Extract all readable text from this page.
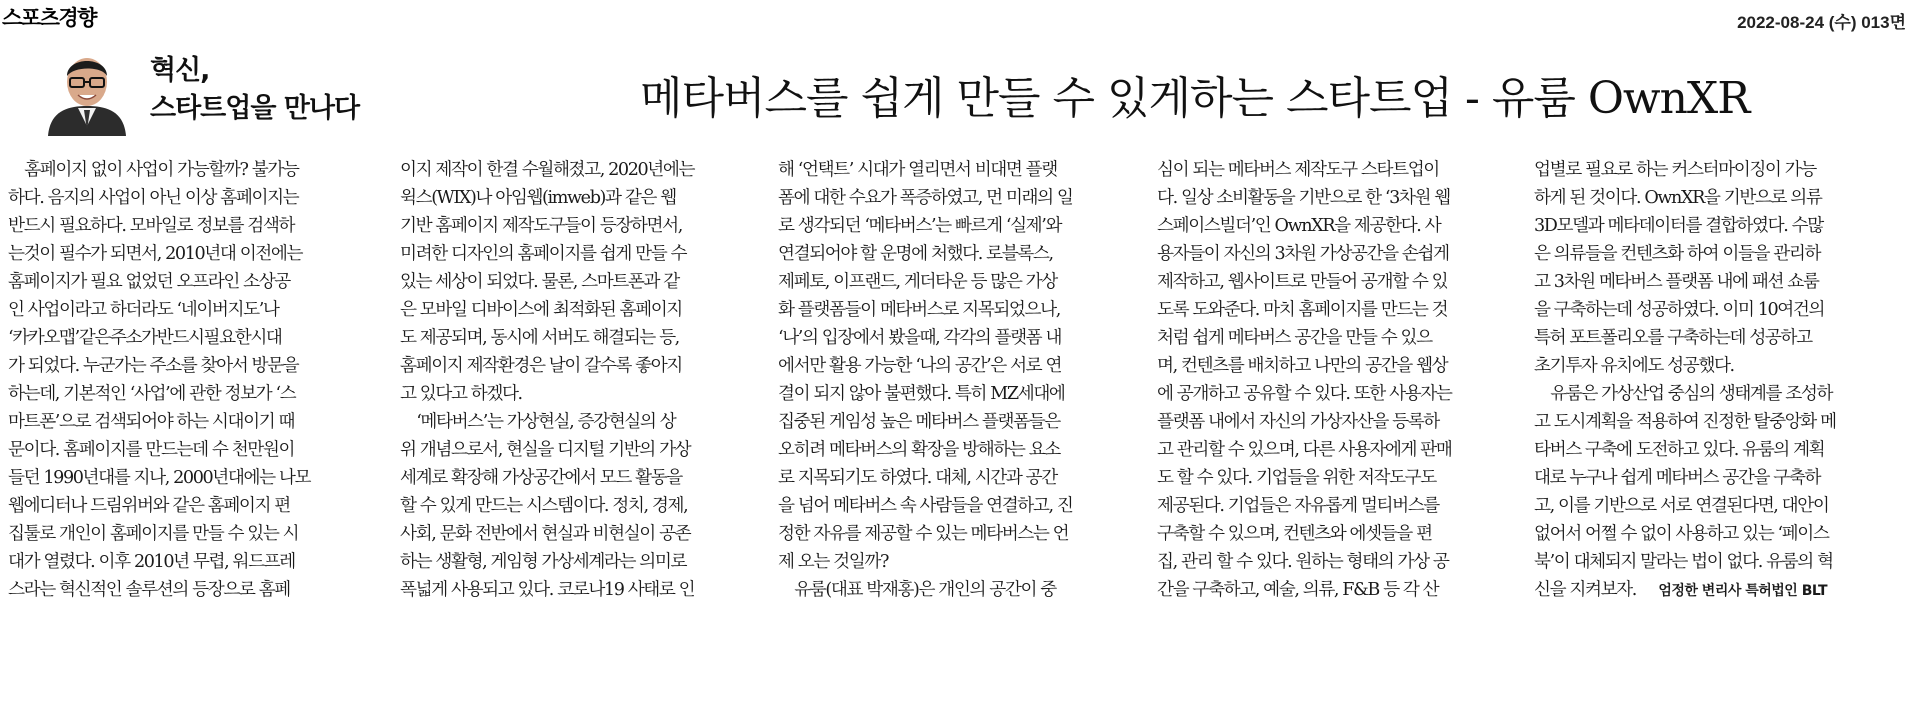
스포츠경향	2022-08-24 (수) 013면
혁신,
스타트업을 만나다	메타버스를 쉽게 만들 수 있게하는 스타트업 - 유룸 OwnXR
　홈페이지 없이 사업이 가능할까? 불가능
하다. 음지의 사업이 아닌 이상 홈페이지는
반드시 필요하다. 모바일로 정보를 검색하
는것이 필수가 되면서, 2010년대 이전에는
홈페이지가 필요 없었던 오프라인 소상공
인 사업이라고 하더라도 ‘네이버지도’나
‘카카오맵’같은주소가반드시필요한시대
가 되었다. 누군가는 주소를 찾아서 방문을
하는데, 기본적인 ‘사업’에 관한 정보가 ‘스
마트폰’으로 검색되어야 하는 시대이기 때
문이다. 홈페이지를 만드는데 수 천만원이
들던 1990년대를 지나, 2000년대에는 나모
웹에디터나 드림위버와 같은 홈페이지 편
집툴로 개인이 홈페이지를 만들 수 있는 시
대가 열렸다. 이후 2010년 무렵, 워드프레
스라는 혁신적인 솔루션의 등장으로 홈페
이지 제작이 한결 수월해졌고, 2020년에는
윅스(WIX)나 아임웹(imweb)과 같은 웹
기반 홈페이지 제작도구들이 등장하면서,
미려한 디자인의 홈페이지를 쉽게 만들 수
있는 세상이 되었다. 물론, 스마트폰과 같
은 모바일 디바이스에 최적화된 홈페이지
도 제공되며, 동시에 서버도 해결되는 등,
홈페이지 제작환경은 날이 갈수록 좋아지
고 있다고 하겠다.
　‘메타버스’는 가상현실, 증강현실의 상
위 개념으로서, 현실을 디지털 기반의 가상
세계로 확장해 가상공간에서 모드 활동을
할 수 있게 만드는 시스템이다. 정치, 경제,
사회, 문화 전반에서 현실과 비현실이 공존
하는 생활형, 게임형 가상세계라는 의미로
폭넓게 사용되고 있다. 코로나19 사태로 인
해 ‘언택트’ 시대가 열리면서 비대면 플랫
폼에 대한 수요가 폭증하였고, 먼 미래의 일
로 생각되던 ‘메타버스’는 빠르게 ‘실제’와
연결되어야 할 운명에 처했다. 로블록스,
제페토, 이프랜드, 게더타운 등 많은 가상
화 플랫폼들이 메타버스로 지목되었으나,
‘나’의 입장에서 봤을때, 각각의 플랫폼 내
에서만 활용 가능한 ‘나의 공간’은 서로 연
결이 되지 않아 불편했다. 특히 MZ세대에
집중된 게임성 높은 메타버스 플랫폼들은
오히려 메타버스의 확장을 방해하는 요소
로 지목되기도 하였다. 대체, 시간과 공간
을 넘어 메타버스 속 사람들을 연결하고, 진
정한 자유를 제공할 수 있는 메타버스는 언
제 오는 것일까?
　유룸(대표 박재홍)은 개인의 공간이 중
심이 되는 메타버스 제작도구 스타트업이
다. 일상 소비활동을 기반으로 한 ‘3차원 웹
스페이스빌더’인 OwnXR을 제공한다. 사
용자들이 자신의 3차원 가상공간을 손쉽게
제작하고, 웹사이트로 만들어 공개할 수 있
도록 도와준다. 마치 홈페이지를 만드는 것
처럼 쉽게 메타버스 공간을 만들 수 있으
며, 컨텐츠를 배치하고 나만의 공간을 웹상
에 공개하고 공유할 수 있다. 또한 사용자는
플랫폼 내에서 자신의 가상자산을 등록하
고 관리할 수 있으며, 다른 사용자에게 판매
도 할 수 있다. 기업들을 위한 저작도구도
제공된다. 기업들은 자유롭게 멀티버스를
구축할 수 있으며, 컨텐츠와 에셋들을 편
집, 관리 할 수 있다. 원하는 형태의 가상 공
간을 구축하고, 예술, 의류, F&B 등 각 산
업별로 필요로 하는 커스터마이징이 가능
하게 된 것이다. OwnXR을 기반으로 의류
3D모델과 메타데이터를 결합하였다. 수많
은 의류들을 컨텐츠화 하여 이들을 관리하
고 3차원 메타버스 플랫폼 내에 패션 쇼룸
을 구축하는데 성공하였다. 이미 10여건의
특허 포트폴리오를 구축하는데 성공하고
초기투자 유치에도 성공했다.
　유룸은 가상산업 중심의 생태계를 조성하
고 도시계획을 적용하여 진정한 탈중앙화 메
타버스 구축에 도전하고 있다. 유룸의 계획
대로 누구나 쉽게 메타버스 공간을 구축하
고, 이를 기반으로 서로 연결된다면, 대안이
없어서 어쩔 수 없이 사용하고 있는 ‘페이스
북’이 대체되지 말라는 법이 없다. 유룸의 혁
신을 지켜보자. 엄정한 변리사 특허법인 BLT
